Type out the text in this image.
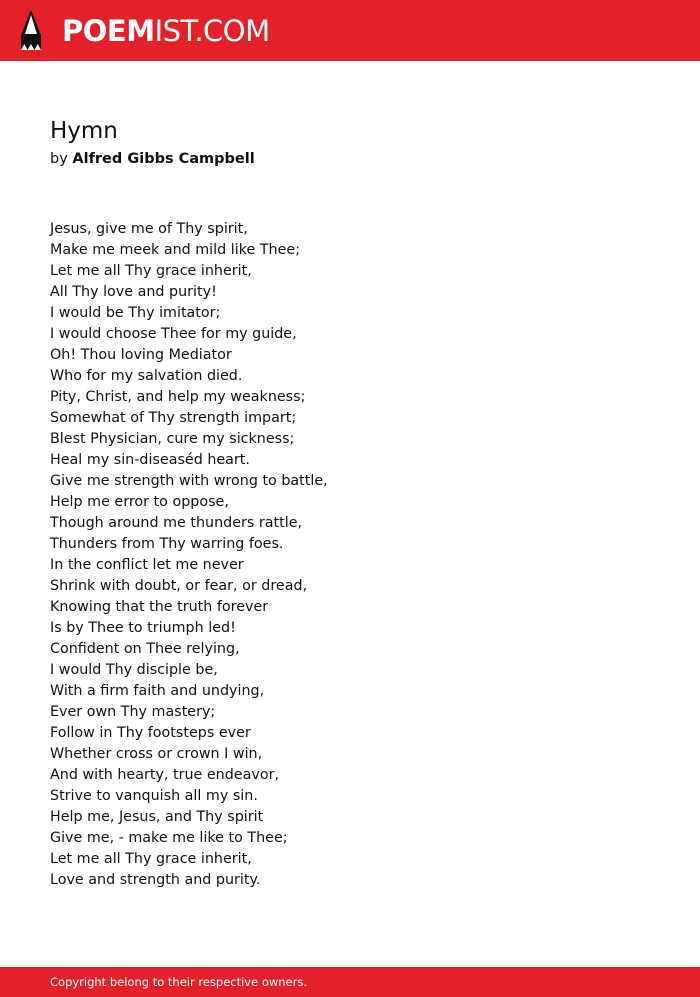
POEMIST.COM
Hymn
by Alfred Gibbs Campbell
Jesus, give me of Thy spirit,
Make me meek and mild like Thee;
Let me all Thy grace inherit,
All Thy love and purity!
I would be Thy imitator;
I would choose Thee for my guide,
Oh! Thou loving Mediator
Who for my salvation died.
Pity, Christ, and help my weakness;
Somewhat of Thy strength impart;
Blest Physician, cure my sickness;
Heal my sin-diseaséd heart.
Give me strength with wrong to battle,
Help me error to oppose,
Though around me thunders rattle,
Thunders from Thy warring foes.
In the conflict let me never
Shrink with doubt, or fear, or dread,
Knowing that the truth forever
Is by Thee to triumph led!
Confident on Thee relying,
I would Thy disciple be,
With a firm faith and undying,
Ever own Thy mastery;
Follow in Thy footsteps ever
Whether cross or crown I win,
And with hearty, true endeavor,
Strive to vanquish all my sin.
Help me, Jesus, and Thy spirit
Give me, - make me like to Thee;
Let me all Thy grace inherit,
Love and strength and purity.
Copyright belong to their respective owners.
